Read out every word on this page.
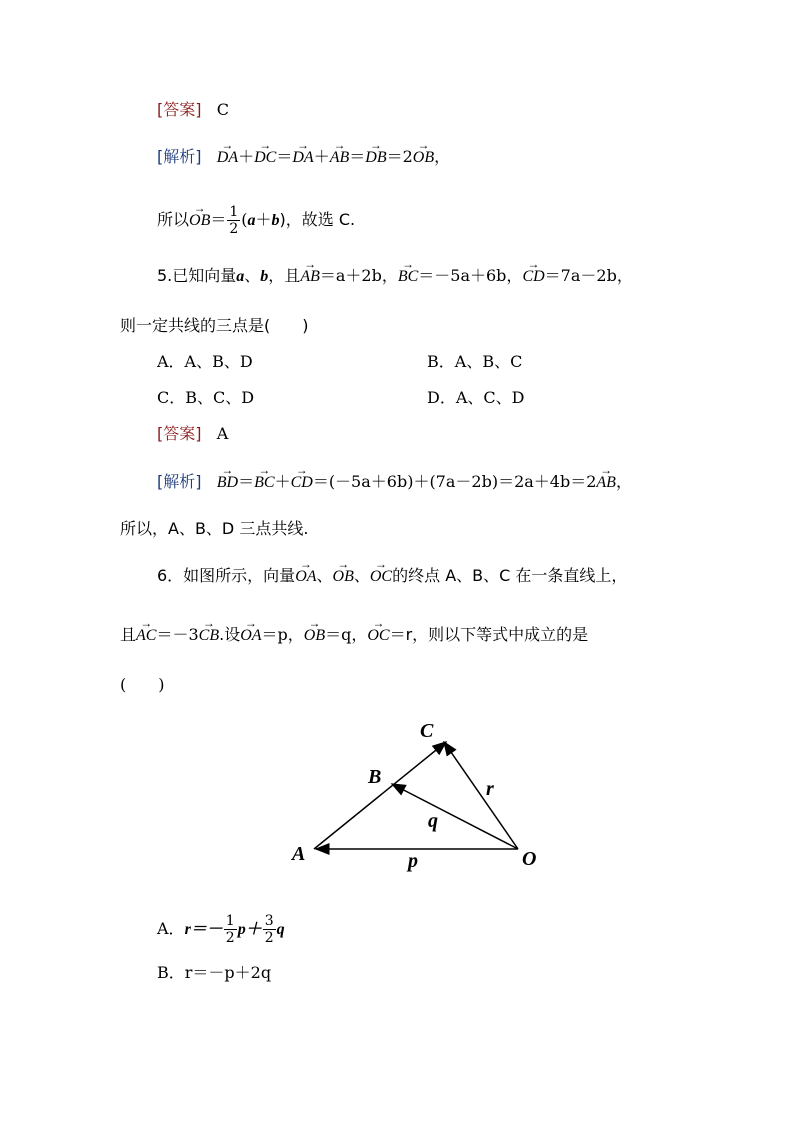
[答案] C
[解析] → DA＋→ DC＝→ DA＋→ AB＝→ DB＝2→ OB，
所以→ $OB= \frac{1}{2} (a+b)$，故选 C.
5.已知向量a、b，且→ AB＝a＋2b，→ BC＝－5a＋6b，→ CD＝7a－2b，
则一定共线的三点是(　　)
A．A、B、D	B．A、B、C
C．B、C、D	D．A、C、D
[答案] A
[解析] → BD＝→ BC＋→ CD＝(－5a＋6b)＋(7a－2b)＝2a＋4b＝2→ AB，
所以，A、B、D 三点共线.
6．如图所示，向量→ OA、→ OB、→ OC的终点 A、B、C 在一条直线上，
且→ AC＝－3→ CB.设→ OA＝p，→ OB＝q，→ OC＝r，则以下等式中成立的是
(　　)
C
B
A	O
r
q
p
A．$r=- \frac{1}{2} p+ \frac{3}{2}$ q
B．r＝－p＋2q
